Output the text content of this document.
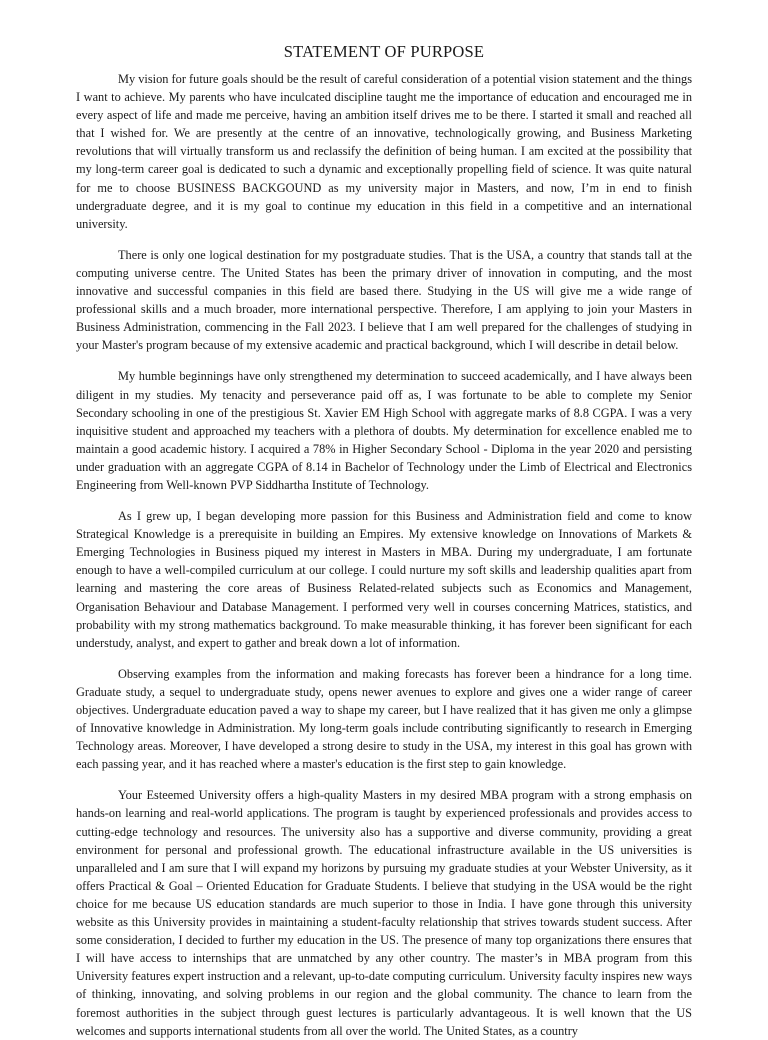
STATEMENT OF PURPOSE

My vision for future goals should be the result of careful consideration of a potential vision statement and the things I want to achieve. My parents who have inculcated discipline taught me the importance of education and encouraged me in every aspect of life and made me perceive, having an ambition itself drives me to be there. I started it small and reached all that I wished for. We are presently at the centre of an innovative, technologically growing, and Business Marketing revolutions that will virtually transform us and reclassify the definition of being human. I am excited at the possibility that my long-term career goal is dedicated to such a dynamic and exceptionally propelling field of science. It was quite natural for me to choose BUSINESS BACKGOUND as my university major in Masters, and now, I’m in end to finish undergraduate degree, and it is my goal to continue my education in this field in a competitive and an international university.

There is only one logical destination for my postgraduate studies. That is the USA, a country that stands tall at the computing universe centre. The United States has been the primary driver of innovation in computing, and the most innovative and successful companies in this field are based there. Studying in the US will give me a wide range of professional skills and a much broader, more international perspective. Therefore, I am applying to join your Masters in Business Administration, commencing in the Fall 2023. I believe that I am well prepared for the challenges of studying in your Master's program because of my extensive academic and practical background, which I will describe in detail below.

My humble beginnings have only strengthened my determination to succeed academically, and I have always been diligent in my studies. My tenacity and perseverance paid off as, I was fortunate to be able to complete my Senior Secondary schooling in one of the prestigious St. Xavier EM High School with aggregate marks of 8.8 CGPA. I was a very inquisitive student and approached my teachers with a plethora of doubts. My determination for excellence enabled me to maintain a good academic history. I acquired a 78% in Higher Secondary School - Diploma in the year 2020 and persisting under graduation with an aggregate CGPA of 8.14 in Bachelor of Technology under the Limb of Electrical and Electronics Engineering from Well-known PVP Siddhartha Institute of Technology.

As I grew up, I began developing more passion for this Business and Administration field and come to know Strategical Knowledge is a prerequisite in building an Empires. My extensive knowledge on Innovations of Markets & Emerging Technologies in Business piqued my interest in Masters in MBA. During my undergraduate, I am fortunate enough to have a well-compiled curriculum at our college. I could nurture my soft skills and leadership qualities apart from learning and mastering the core areas of Business Related-related subjects such as Economics and Management, Organisation Behaviour and Database Management. I performed very well in courses concerning Matrices, statistics, and probability with my strong mathematics background. To make measurable thinking, it has forever been significant for each understudy, analyst, and expert to gather and break down a lot of information.

Observing examples from the information and making forecasts has forever been a hindrance for a long time. Graduate study, a sequel to undergraduate study, opens newer avenues to explore and gives one a wider range of career objectives. Undergraduate education paved a way to shape my career, but I have realized that it has given me only a glimpse of Innovative knowledge in Administration. My long-term goals include contributing significantly to research in Emerging Technology areas. Moreover, I have developed a strong desire to study in the USA, my interest in this goal has grown with each passing year, and it has reached where a master's education is the first step to gain knowledge.

Your Esteemed University offers a high-quality Masters in my desired MBA program with a strong emphasis on hands-on learning and real-world applications. The program is taught by experienced professionals and provides access to cutting-edge technology and resources. The university also has a supportive and diverse community, providing a great environment for personal and professional growth. The educational infrastructure available in the US universities is unparalleled and I am sure that I will expand my horizons by pursuing my graduate studies at your Webster University, as it offers Practical & Goal – Oriented Education for Graduate Students. I believe that studying in the USA would be the right choice for me because US education standards are much superior to those in India. I have gone through this university website as this University provides in maintaining a student-faculty relationship that strives towards student success. After some consideration, I decided to further my education in the US. The presence of many top organizations there ensures that I will have access to internships that are unmatched by any other country. The master’s in MBA program from this University features expert instruction and a relevant, up-to-date computing curriculum. University faculty inspires new ways of thinking, innovating, and solving problems in our region and the global community. The chance to learn from the foremost authorities in the subject through guest lectures is particularly advantageous. It is well known that the US welcomes and supports international students from all over the world. The United States, as a country
